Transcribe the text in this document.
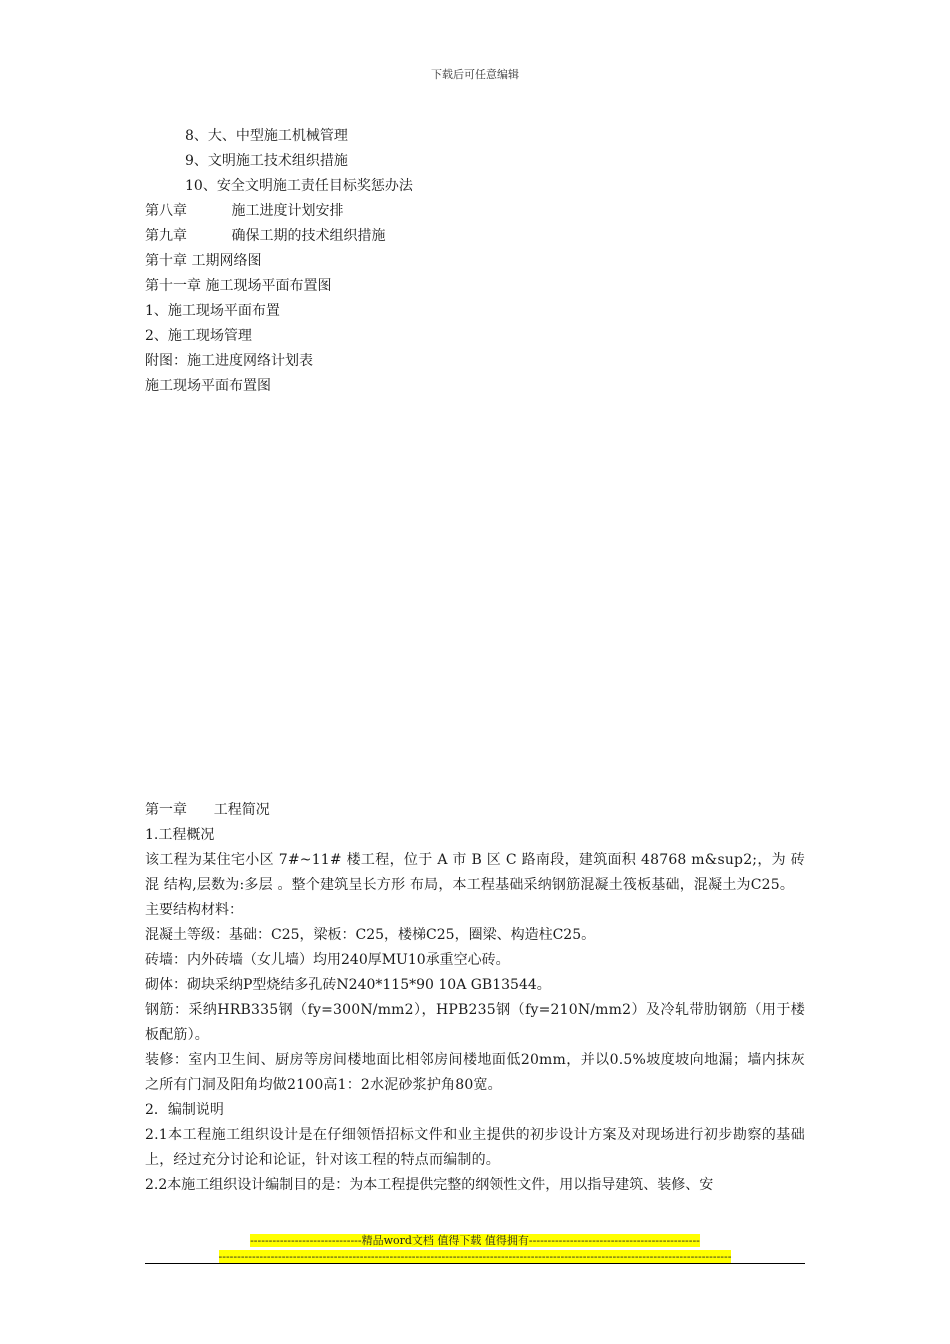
下载后可任意编辑
8、大、中型施工机械管理
9、文明施工技术组织措施
10、安全文明施工责任目标奖惩办法
第八章          施工进度计划安排
第九章          确保工期的技术组织措施
第十章 工期网络图
第十一章 施工现场平面布置图
1、施工现场平面布置
2、施工现场管理
附图：施工进度网络计划表
施工现场平面布置图
第一章      工程简况
1.工程概况
该工程为某住宅小区 7#~11# 楼工程，位于 A 市 B 区 C 路南段，建筑面积 48768 m&sup2;，为 砖混 结构,层数为:多层 。整个建筑呈长方形 布局，本工程基础采纳钢筋混凝土筏板基础，混凝土为C25。
主要结构材料：
混凝土等级：基础：C25，梁板：C25，楼梯C25，圈梁、构造柱C25。
砖墙：内外砖墙（女儿墙）均用240厚MU10承重空心砖。
砌体：砌块采纳P型烧结多孔砖N240*115*90 10A GB13544。
钢筋：采纳HRB335钢（fy=300N/mm2），HPB235钢（fy=210N/mm2）及冷轧带肋钢筋（用于楼板配筋）。
装修：室内卫生间、厨房等房间楼地面比相邻房间楼地面低20mm，并以0.5%坡度坡向地漏；墙内抹灰之所有门洞及阳角均做2100高1：2水泥砂浆护角80宽。
2．编制说明
2.1本工程施工组织设计是在仔细领悟招标文件和业主提供的初步设计方案及对现场进行初步勘察的基础上，经过充分讨论和论证，针对该工程的特点而编制的。
2.2本施工组织设计编制目的是：为本工程提供完整的纲领性文件，用以指导建筑、装修、安
------------------------------精品word文档 值得下载 值得拥有----------------------------------------------
------------------------------------------------------------------------------------------------------------------------------------------
